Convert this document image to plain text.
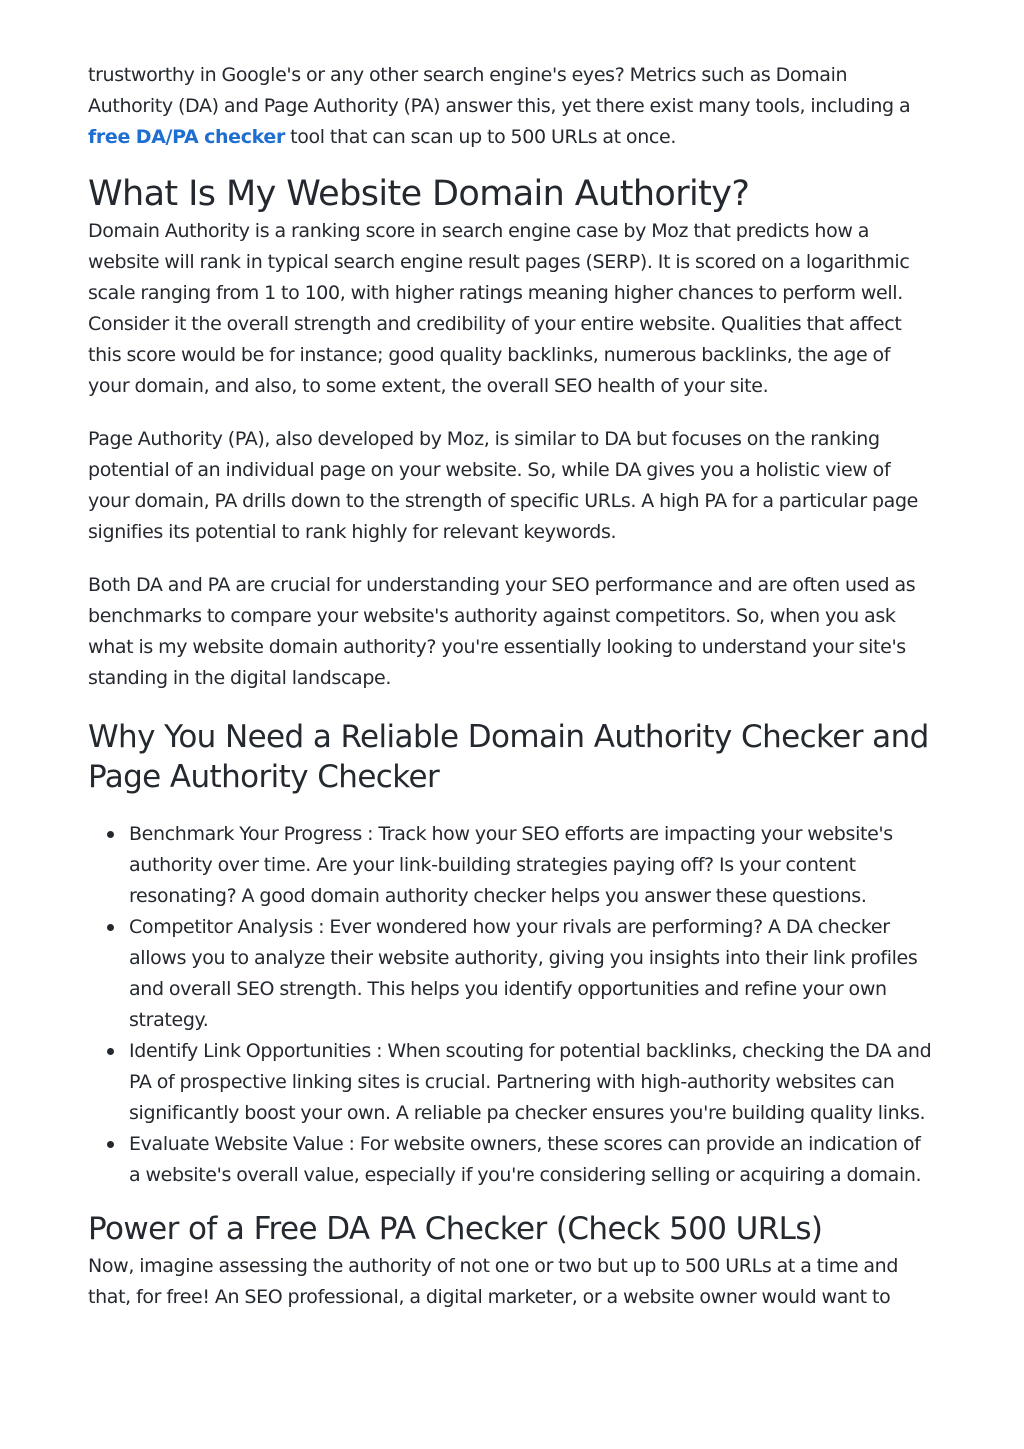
trustworthy in Google's or any other search engine's eyes? Metrics such as Domain
Authority (DA) and Page Authority (PA) answer this, yet there exist many tools, including a
free DA/PA checker tool that can scan up to 500 URLs at once.

What Is My Website Domain Authority?

Domain Authority is a ranking score in search engine case by Moz that predicts how a website will rank in typical search engine result pages (SERP). It is scored on a logarithmic scale ranging from 1 to 100, with higher ratings meaning higher chances to perform well. Consider it the overall strength and credibility of your entire website. Qualities that affect this score would be for instance; good quality backlinks, numerous backlinks, the age of your domain, and also, to some extent, the overall SEO health of your site.

Page Authority (PA), also developed by Moz, is similar to DA but focuses on the ranking potential of an individual page on your website. So, while DA gives you a holistic view of your domain, PA drills down to the strength of specific URLs. A high PA for a particular page signifies its potential to rank highly for relevant keywords.

Both DA and PA are crucial for understanding your SEO performance and are often used as benchmarks to compare your website's authority against competitors. So, when you ask what is my website domain authority? you're essentially looking to understand your site's standing in the digital landscape.

Why You Need a Reliable Domain Authority Checker and Page Authority Checker
Benchmark Your Progress : Track how your SEO efforts are impacting your website's authority over time. Are your link-building strategies paying off? Is your content resonating? A good domain authority checker helps you answer these questions.
Competitor Analysis : Ever wondered how your rivals are performing? A DA checker allows you to analyze their website authority, giving you insights into their link profiles and overall SEO strength. This helps you identify opportunities and refine your own strategy.
Identify Link Opportunities : When scouting for potential backlinks, checking the DA and PA of prospective linking sites is crucial. Partnering with high-authority websites can significantly boost your own. A reliable pa checker ensures you're building quality links.
Evaluate Website Value : For website owners, these scores can provide an indication of a website's overall value, especially if you're considering selling or acquiring a domain.
Power of a Free DA PA Checker (Check 500 URLs)

Now, imagine assessing the authority of not one or two but up to 500 URLs at a time and that, for free! An SEO professional, a digital marketer, or a website owner would want to
